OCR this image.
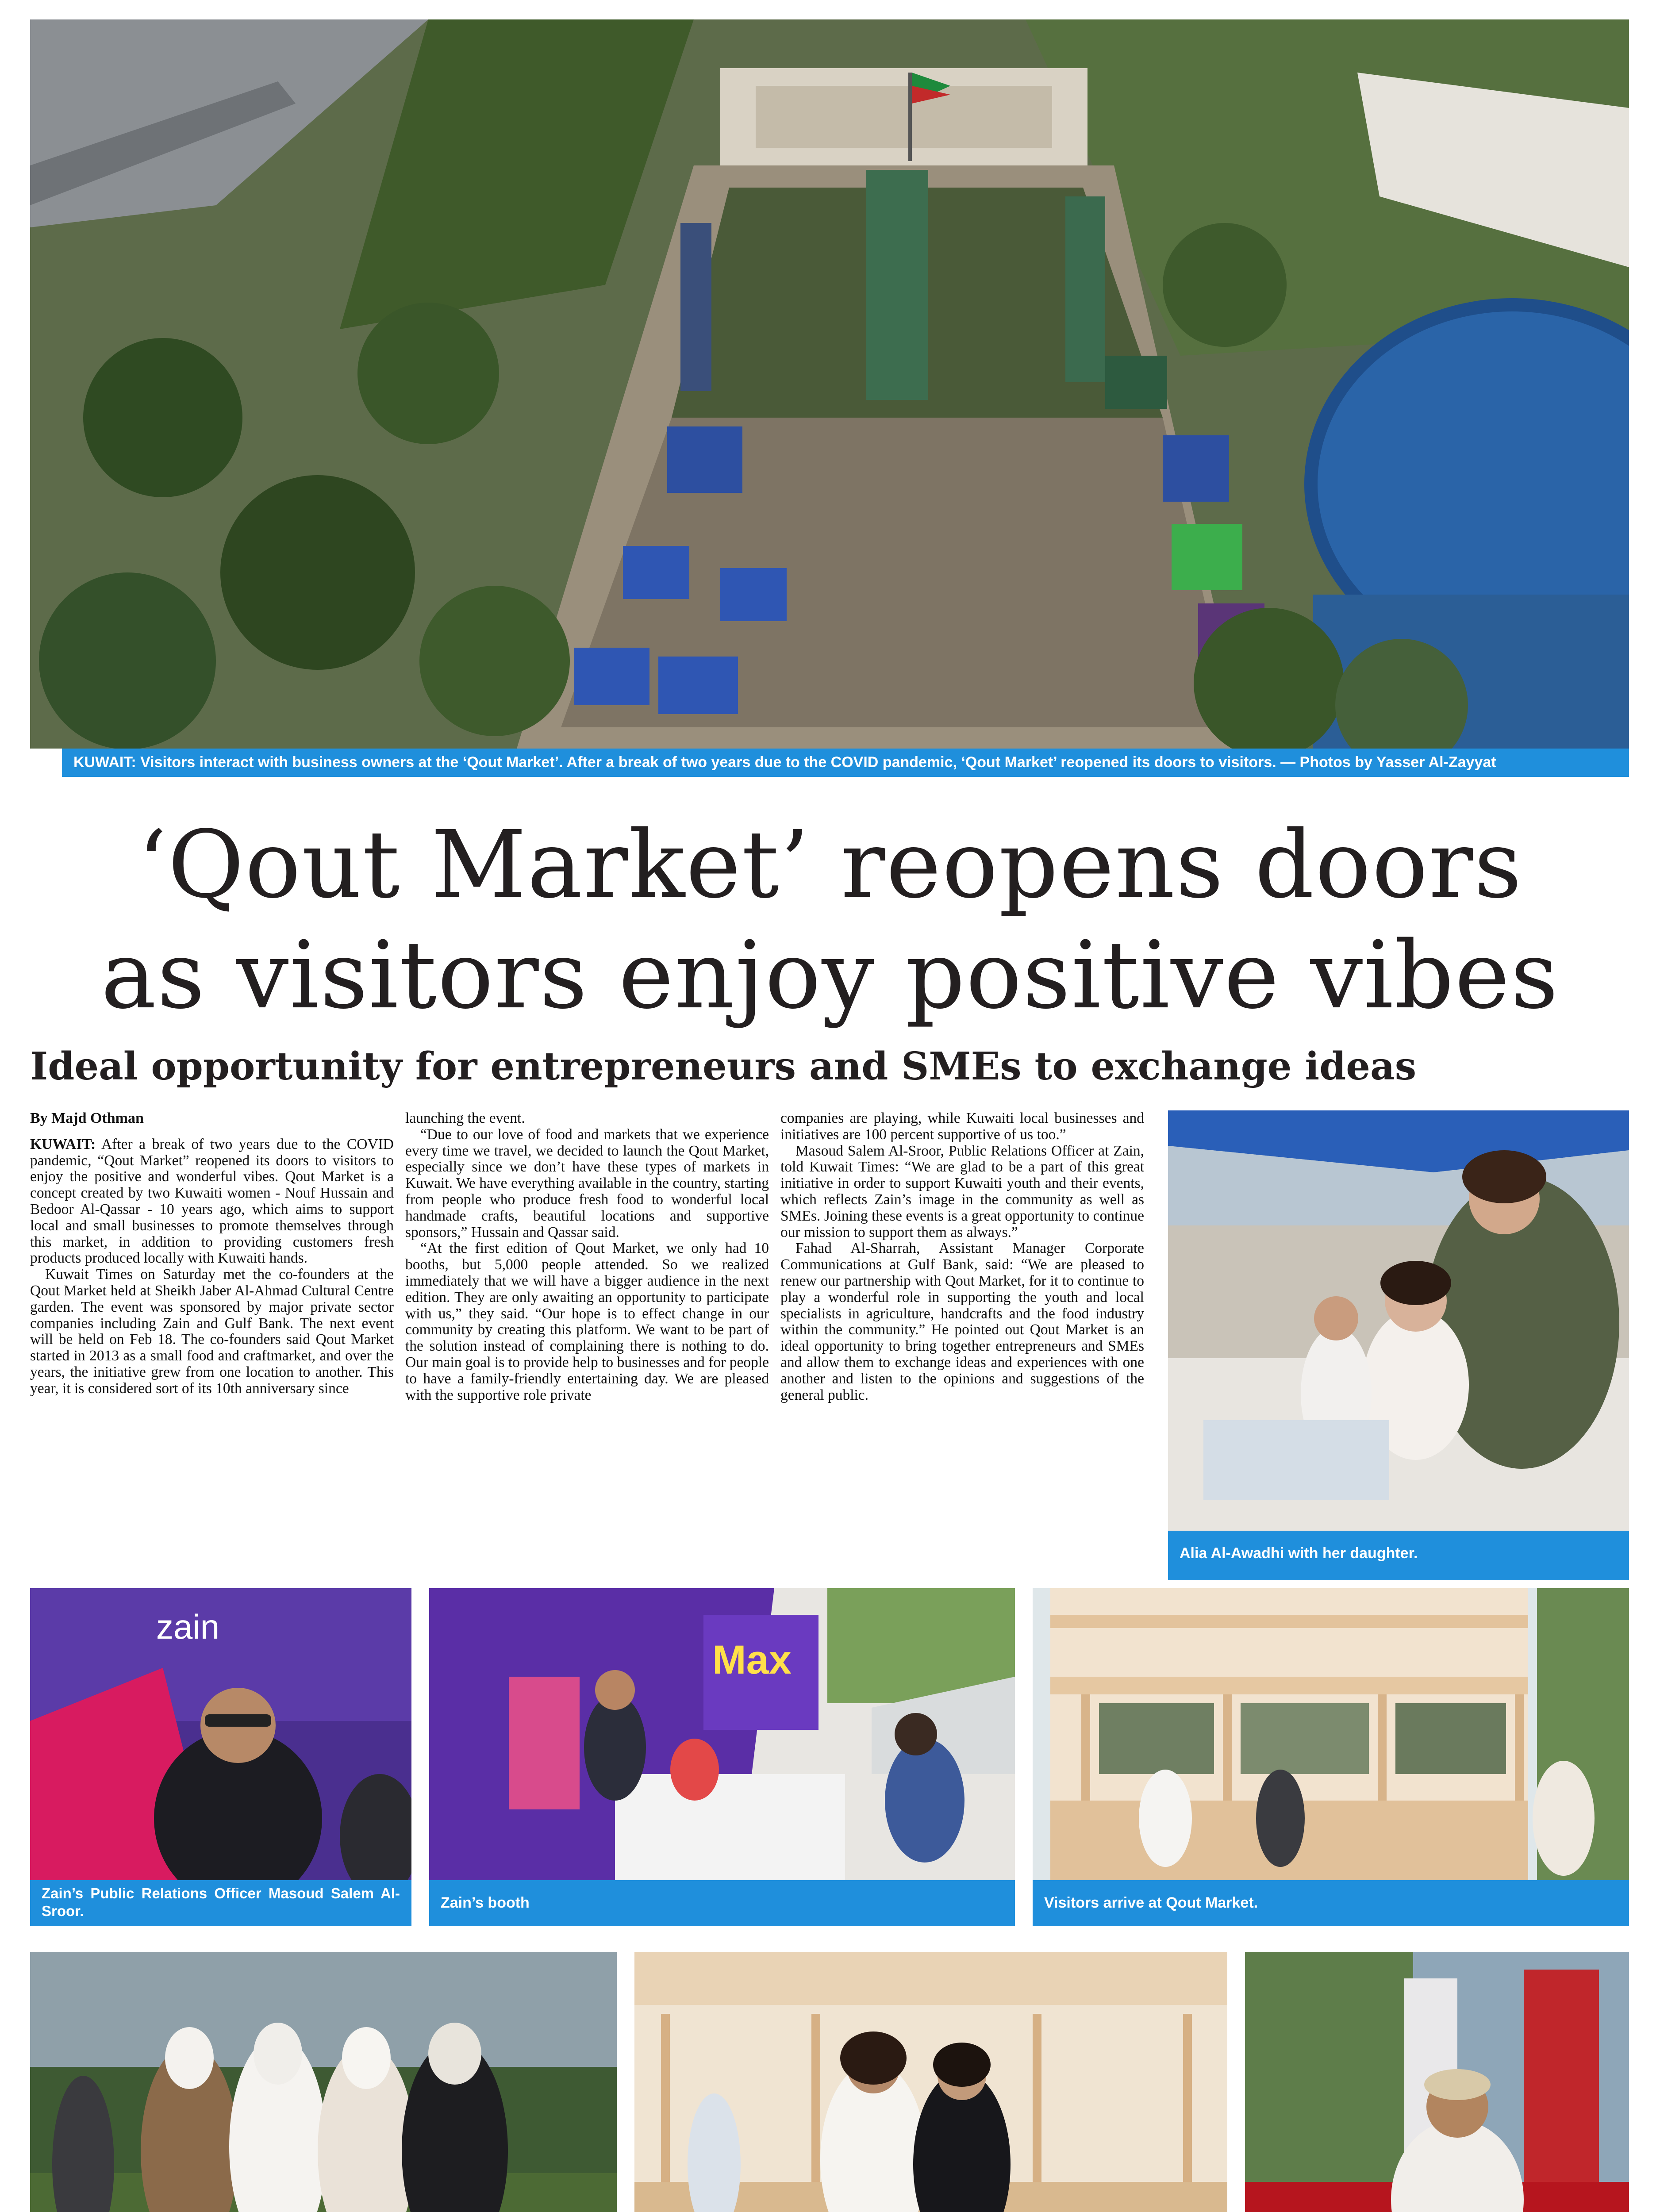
KUWAIT: Visitors interact with business owners at the ‘Qout Market’. After a break of two years due to the COVID pandemic, ‘Qout Market’ reopened its doors to visitors. — Photos by Yasser Al-Zayyat
‘Qout Market’ reopens doors
as visitors enjoy positive vibes
Ideal opportunity for entrepreneurs and SMEs to exchange ideas
By Majd Othman

KUWAIT: After a break of two years due to the COVID pandemic, “Qout Market” reopened its doors to visitors to enjoy the positive and wonderful vibes. Qout Market is a concept created by two Kuwaiti women - Nouf Hussain and Bedoor Al-Qassar - 10 years ago, which aims to support local and small businesses to promote themselves through this market, in addition to providing customers fresh products produced locally with Kuwaiti hands.

Kuwait Times on Saturday met the co-founders at the Qout Market held at Sheikh Jaber Al-Ahmad Cultural Centre garden. The event was sponsored by major private sector companies including Zain and Gulf Bank. The next event will be held on Feb 18. The co-founders said Qout Market started in 2013 as a small food and craftmarket, and over the years, the initiative grew from one location to another. This year, it is considered sort of its 10th anniversary since

launching the event.

“Due to our love of food and markets that we experience every time we travel, we decided to launch the Qout Market, especially since we don’t have these types of markets in Kuwait. We have everything available in the country, starting from people who produce fresh food to wonderful local handmade crafts, beautiful locations and supportive sponsors,” Hussain and Qassar said.

“At the first edition of Qout Market, we only had 10 booths, but 5,000 people attended. So we realized immediately that we will have a bigger audience in the next edition. They are only awaiting an opportunity to participate with us,” they said. “Our hope is to effect change in our community by creating this platform. We want to be part of the solution instead of complaining there is nothing to do. Our main goal is to provide help to businesses and for people to have a family-friendly entertaining day. We are pleased with the supportive role private

companies are playing, while Kuwaiti local businesses and initiatives are 100 percent supportive of us too.”

Masoud Salem Al-Sroor, Public Relations Officer at Zain, told Kuwait Times: “We are glad to be a part of this great initiative in order to support Kuwaiti youth and their events, which reflects Zain’s image in the community as well as SMEs. Joining these events is a great opportunity to continue our mission to support them as always.”

Fahad Al-Sharrah, Assistant Manager Corporate Communications at Gulf Bank, said: “We are pleased to renew our partnership with Qout Market, for it to continue to play a wonderful role in supporting the youth and local specialists in agriculture, handcrafts and the food industry within the community.” He pointed out Qout Market is an ideal opportunity to bring together entrepreneurs and SMEs and allow them to exchange ideas and experiences with one another and listen to the opinions and suggestions of the general public.

Alia Al-Awadhi with her daughter.
zain
Zain’s Public Relations Officer Masoud Salem Al-Sroor.
Max
Zain’s booth	Visitors arrive at Qout Market.
